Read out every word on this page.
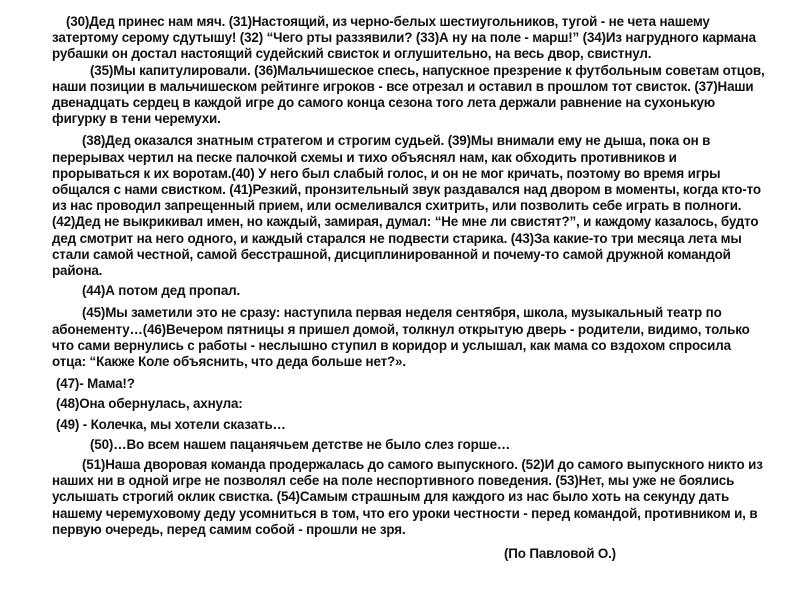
(30)Дед принес нам мяч. (31)Настоящий, из черно-белых шестиугольников, тугой - не чета нашему затертому серому сдутышу! (32) “Чего рты раззявили? (33)А ну на поле - марш!” (34)Из нагрудного кармана рубашки он достал настоящий судейский свисток и оглушительно, на весь двор, свистнул.

(35)Мы капитулировали. (36)Мальчишеское спесь, напускное презрение к футбольным советам отцов, наши позиции в мальчишеском рейтинге игроков - все отрезал и оставил в прошлом тот свисток. (37)Наши двенадцать сердец в каждой игре до самого конца сезона того лета держали равнение на сухонькую фигурку в тени черемухи.

(38)Дед оказался знатным стратегом и строгим судьей. (39)Мы внимали ему не дыша, пока он в перерывах чертил на песке палочкой схемы и тихо объяснял нам, как обходить противников и прорываться к их воротам.(40) У него был слабый голос, и он не мог кричать, поэтому во время игры общался с нами свистком. (41)Резкий, пронзительный звук раздавался над двором в моменты, когда кто-то из нас проводил запрещенный прием, или осмеливался схитрить, или позволить себе играть в полноги. (42)Дед не выкрикивал имен, но каждый, замирая, думал: “Не мне ли свистят?”, и каждому казалось, будто дед смотрит на него одного, и каждый старался не подвести старика. (43)За какие-то три месяца лета мы стали самой честной, самой бесстрашной, дисциплинированной и почему-то самой дружной командой района.

(44)А потом дед пропал.

(45)Мы заметили это не сразу: наступила первая неделя сентября, школа, музыкальный театр по абонементу…(46)Вечером пятницы я пришел домой, толкнул открытую дверь - родители, видимо, только что сами вернулись с работы - неслышно ступил в коридор и услышал, как мама со вздохом спросила отца: “Какже Коле объяснить, что деда больше нет?».

(47)- Мама!?

(48)Она обернулась, ахнула:

(49) - Колечка, мы хотели сказать…

(50)…Во всем нашем пацанячьем детстве не было слез горше…

(51)Наша дворовая команда продержалась до самого выпускного. (52)И до самого выпускного никто из наших ни в одной игре не позволял себе на поле неспортивного поведения. (53)Нет, мы уже не боялись услышать строгий оклик свистка. (54)Самым страшным для каждого из нас было хоть на секунду дать нашему черемуховому деду усомниться в том, что его уроки честности - перед командой, противником и, в первую очередь, перед самим собой - прошли не зря.

(По Павловой О.)
